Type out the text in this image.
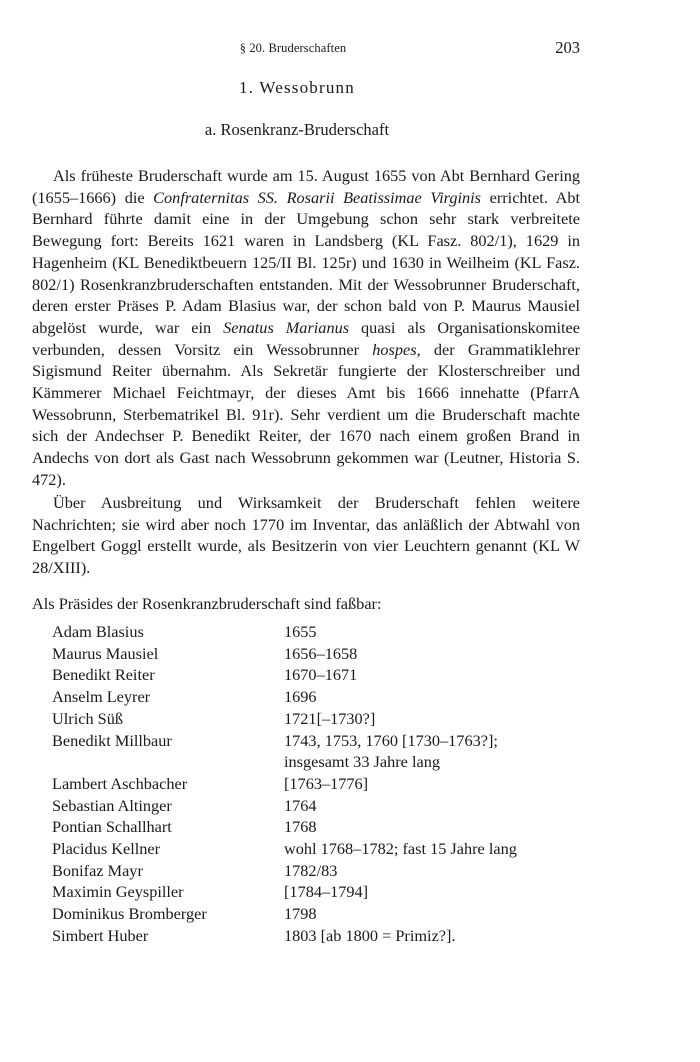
§ 20. Bruderschaften	203
1. Wessobrunn
a. Rosenkranz-Bruderschaft

Als früheste Bruderschaft wurde am 15. August 1655 von Abt Bernhard Gering (1655–1666) die Confraternitas SS. Rosarii Beatissimae Virginis errichtet. Abt Bernhard führte damit eine in der Umgebung schon sehr stark verbreitete Bewegung fort: Bereits 1621 waren in Landsberg (KL Fasz. 802/1), 1629 in Hagenheim (KL Benediktbeuern 125/II Bl. 125r) und 1630 in Weilheim (KL Fasz. 802/1) Rosenkranzbruderschaften entstanden. Mit der Wessobrunner Bruderschaft, deren erster Präses P. Adam Blasius war, der schon bald von P. Maurus Mausiel abgelöst wurde, war ein Senatus Marianus quasi als Organisationskomitee verbunden, dessen Vorsitz ein Wessobrunner hospes, der Grammatiklehrer Sigismund Reiter übernahm. Als Sekretär fungierte der Klosterschreiber und Kämmerer Michael Feichtmayr, der dieses Amt bis 1666 innehatte (PfarrA Wessobrunn, Sterbematrikel Bl. 91r). Sehr verdient um die Bruderschaft machte sich der Andechser P. Benedikt Reiter, der 1670 nach einem großen Brand in Andechs von dort als Gast nach Wessobrunn gekommen war (Leutner, Historia S. 472).

Über Ausbreitung und Wirksamkeit der Bruderschaft fehlen weitere Nachrichten; sie wird aber noch 1770 im Inventar, das anläßlich der Abtwahl von Engelbert Goggl erstellt wurde, als Besitzerin von vier Leuchtern genannt (KL W 28/XIII).

Als Präsides der Rosenkranzbruderschaft sind faßbar:

Adam Blasius	1655
Maurus Mausiel	1656–1658
Benedikt Reiter	1670–1671
Anselm Leyrer	1696
Ulrich Süß	1721[–1730?]
Benedikt Millbaur	1743, 1753, 1760 [1730–1763?];
insgesamt 33 Jahre lang
Lambert Aschbacher	[1763–1776]
Sebastian Altinger	1764
Pontian Schallhart	1768
Placidus Kellner	wohl 1768–1782; fast 15 Jahre lang
Bonifaz Mayr	1782/83
Maximin Geyspiller	[1784–1794]
Dominikus Bromberger	1798
Simbert Huber	1803 [ab 1800 = Primiz?].
